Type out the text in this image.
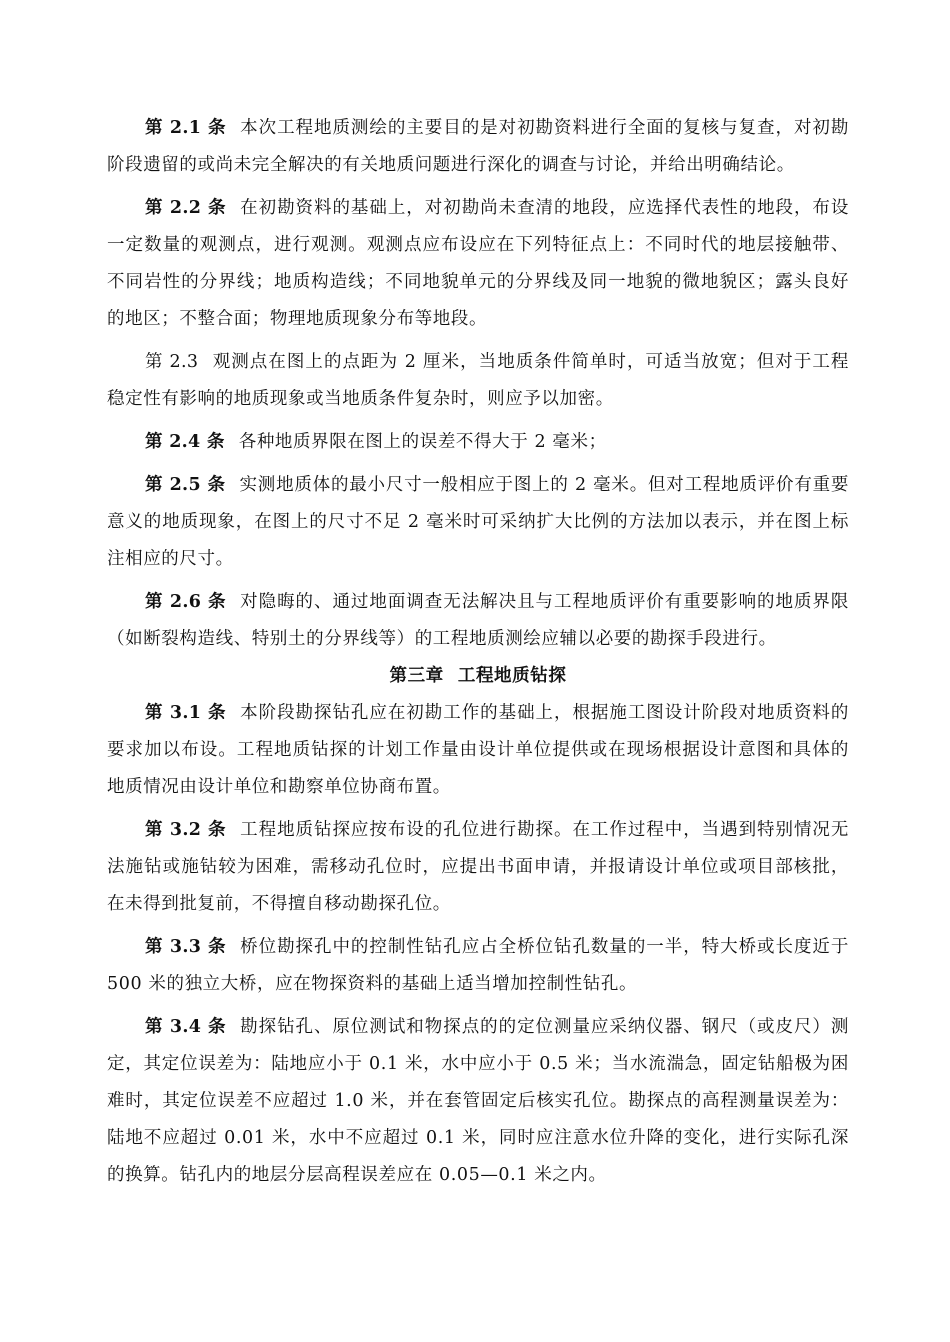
第 2.1 条 本次工程地质测绘的主要目的是对初勘资料进行全面的复核与复查，对初勘阶段遗留的或尚未完全解决的有关地质问题进行深化的调查与讨论，并给出明确结论。

第 2.2 条 在初勘资料的基础上，对初勘尚未查清的地段，应选择代表性的地段，布设一定数量的观测点，进行观测。观测点应布设应在下列特征点上：不同时代的地层接触带、不同岩性的分界线；地质构造线；不同地貌单元的分界线及同一地貌的微地貌区；露头良好的地区；不整合面；物理地质现象分布等地段。

第 2.3 观测点在图上的点距为 2 厘米，当地质条件简单时，可适当放宽；但对于工程稳定性有影响的地质现象或当地质条件复杂时，则应予以加密。

第 2.4 条 各种地质界限在图上的误差不得大于 2 毫米；

第 2.5 条 实测地质体的最小尺寸一般相应于图上的 2 毫米。但对工程地质评价有重要意义的地质现象，在图上的尺寸不足 2 毫米时可采纳扩大比例的方法加以表示，并在图上标注相应的尺寸。

第 2.6 条 对隐晦的、通过地面调查无法解决且与工程地质评价有重要影响的地质界限（如断裂构造线、特别土的分界线等）的工程地质测绘应辅以必要的勘探手段进行。

第三章 工程地质钻探

第 3.1 条 本阶段勘探钻孔应在初勘工作的基础上，根据施工图设计阶段对地质资料的要求加以布设。工程地质钻探的计划工作量由设计单位提供或在现场根据设计意图和具体的地质情况由设计单位和勘察单位协商布置。

第 3.2 条 工程地质钻探应按布设的孔位进行勘探。在工作过程中，当遇到特别情况无法施钻或施钻较为困难，需移动孔位时，应提出书面申请，并报请设计单位或项目部核批，在未得到批复前，不得擅自移动勘探孔位。

第 3.3 条 桥位勘探孔中的控制性钻孔应占全桥位钻孔数量的一半，特大桥或长度近于 500 米的独立大桥，应在物探资料的基础上适当增加控制性钻孔。

第 3.4 条 勘探钻孔、原位测试和物探点的的定位测量应采纳仪器、钢尺（或皮尺）测定，其定位误差为：陆地应小于 0.1 米，水中应小于 0.5 米；当水流湍急，固定钻船极为困难时，其定位误差不应超过 1.0 米，并在套管固定后核实孔位。勘探点的高程测量误差为：陆地不应超过 0.01 米，水中不应超过 0.1 米，同时应注意水位升降的变化，进行实际孔深的换算。钻孔内的地层分层高程误差应在 0.05—0.1 米之内。
